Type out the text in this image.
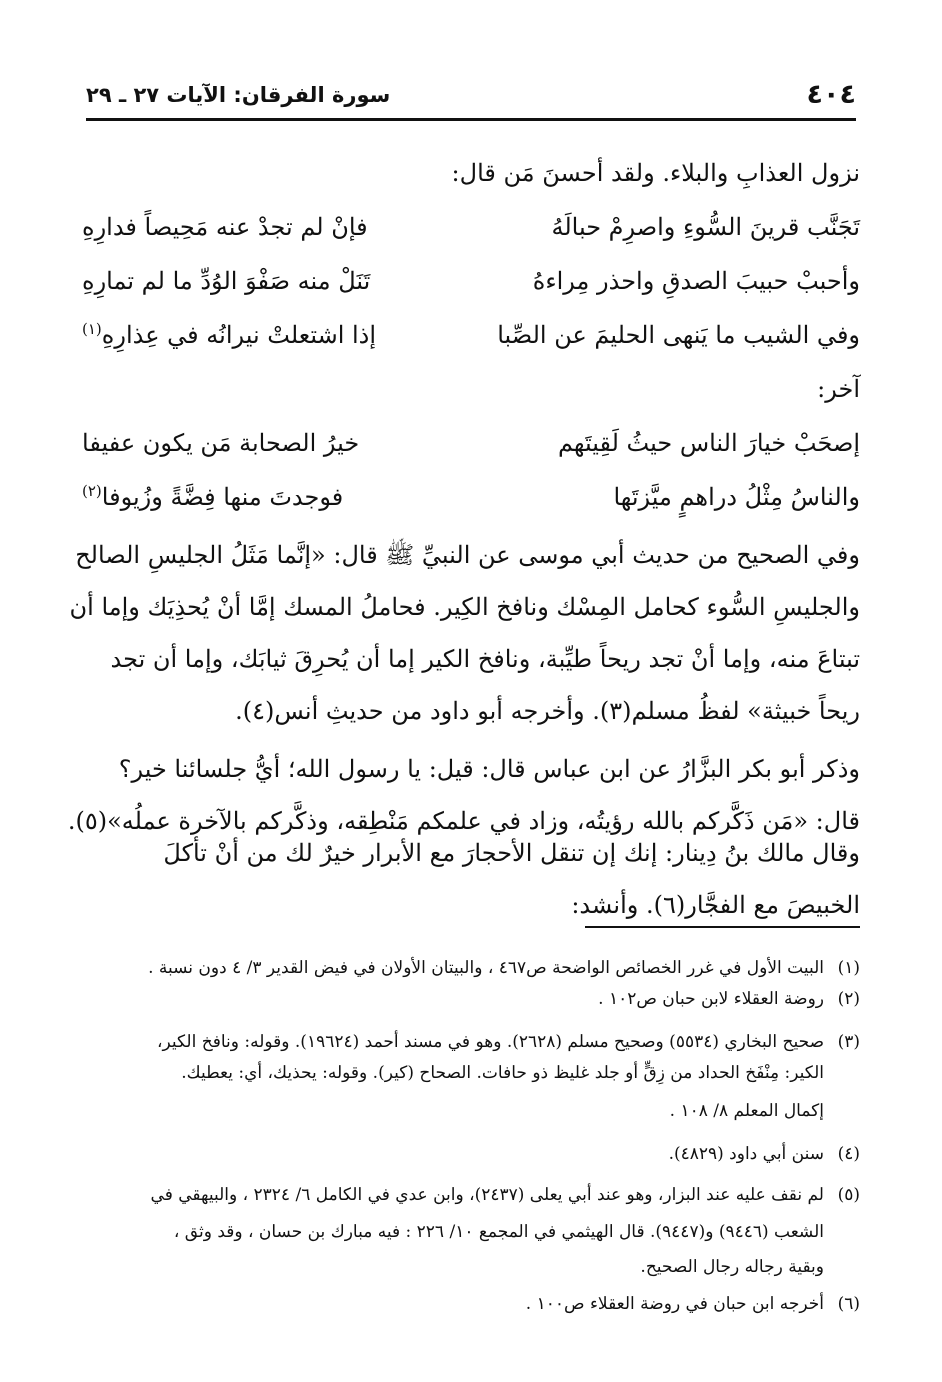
٤٠٤
سورة الفرقان: الآيات ٢٧ ـ ٢٩
نزول العذابِ والبلاء. ولقد أحسنَ مَن قال:
تَجَنَّب قرينَ السُّوءِ واصرِمْ حبالَهُ
فإنْ لم تجدْ عنه مَحِيصاً فدارِهِ
وأحببْ حبيبَ الصدقِ واحذر مِراءهُ
تَنَلْ منه صَفْوَ الوُدِّ ما لم تمارِهِ
وفي الشيب ما يَنهى الحليمَ عن الصِّبا
إذا اشتعلتْ نيرانُه في عِذارِهِ$^{(١)}$
آخر:
إصحَبْ خيارَ الناس حيثُ لَقِيتَهم
خيرُ الصحابة مَن يكون عفيفا
والناسُ مِثْلُ دراهمٍ ميَّزتَها
فوجدتَ منها فِضَّةً وزُيوفا$^{(٢)}$
وفي الصحيح من حديث أبي موسى عن النبيِّ ﷺ قال: «إنَّما مَثَلُ الجليسِ الصالح
والجليسِ السُّوء كحامل المِسْك ونافخ الكِير. فحاملُ المسك إمَّا أنْ يُحذِيَك وإما أن
تبتاعَ منه، وإما أنْ تجد ريحاً طيِّبة، ونافخ الكير إما أن يُحرِقَ ثيابَك، وإما أن تجد
ريحاً خبيثة» لفظُ مسلم(٣). وأخرجه أبو داود من حديثِ أنس(٤).
وذكر أبو بكر البزَّارُ عن ابن عباس قال: قيل: يا رسول الله؛ أيُّ جلسائنا خير؟
قال: «مَن ذَكَّركم بالله رؤيتُه، وزاد في علمكم مَنْطِقه، وذكَّركم بالآخرة عملُه»(٥).
وقال مالك بنُ دِينار: إنك إن تنقل الأحجارَ مع الأبرار خيرٌ لك من أنْ تأكلَ
الخبيصَ مع الفجَّار(٦). وأنشد:
(١)البيت الأول في غرر الخصائص الواضحة ص٤٦٧ ، والبيتان الأولان في فيض القدير ٣/ ٤ دون نسبة .
(٢)روضة العقلاء لابن حبان ص١٠٢ .
(٣)صحيح البخاري (٥٥٣٤) وصحيح مسلم (٢٦٢٨). وهو في مسند أحمد (١٩٦٢٤). وقوله: ونافخ الكير،
الكير: مِنْفَخ الحداد من زِقٍّ أو جلد غليظ ذو حافات. الصحاح (كير). وقوله: يحذيك، أي: يعطيك.
إكمال المعلم ٨/ ١٠٨ .
(٤)سنن أبي داود (٤٨٢٩).
(٥)لم نقف عليه عند البزار، وهو عند أبي يعلى (٢٤٣٧)، وابن عدي في الكامل ٦/ ٢٣٢٤ ، والبيهقي في
الشعب (٩٤٤٦) و(٩٤٤٧). قال الهيثمي في المجمع ١٠/ ٢٢٦ : فيه مبارك بن حسان ، وقد وثق ،
وبقية رجاله رجال الصحيح.
(٦)أخرجه ابن حبان في روضة العقلاء ص١٠٠ .
